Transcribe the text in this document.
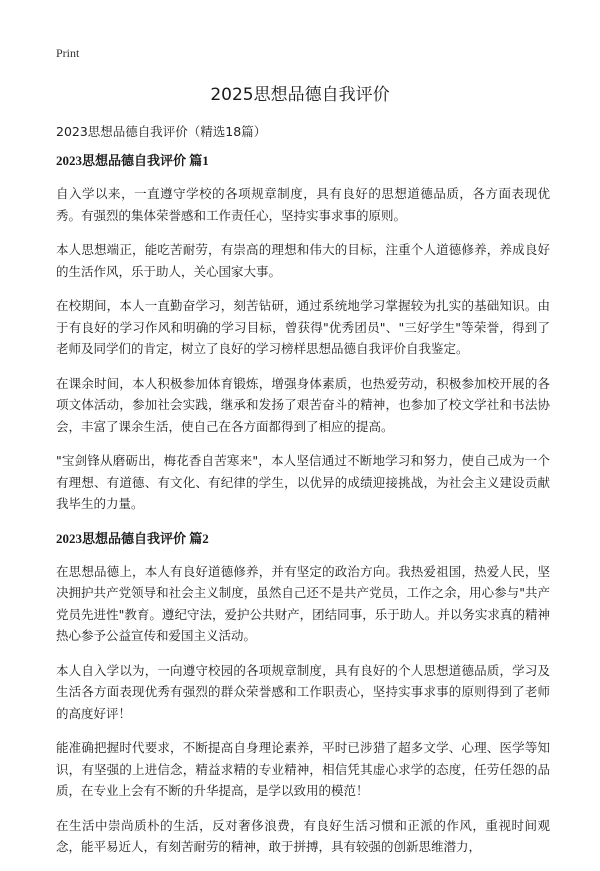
Print
2025思想品德自我评价
2023思想品德自我评价（精选18篇）
2023思想品德自我评价 篇1

自入学以来，一直遵守学校的各项规章制度，具有良好的思想道德品质，各方面表现优秀。有强烈的集体荣誉感和工作责任心，坚持实事求事的原则。

本人思想端正，能吃苦耐劳，有崇高的理想和伟大的目标，注重个人道德修养，养成良好的生活作风，乐于助人，关心国家大事。

在校期间，本人一直勤奋学习，刻苦钻研，通过系统地学习掌握较为扎实的基础知识。由于有良好的学习作风和明确的学习目标，曾获得"优秀团员"、"三好学生"等荣誉，得到了老师及同学们的肯定，树立了良好的学习榜样思想品德自我评价自我鉴定。

在课余时间，本人积极参加体育锻炼，增强身体素质，也热爱劳动，积极参加校开展的各项文体活动，参加社会实践，继承和发扬了艰苦奋斗的精神，也参加了校文学社和书法协会，丰富了课余生活，使自己在各方面都得到了相应的提高。

"宝剑锋从磨砺出，梅花香自苦寒来"，本人坚信通过不断地学习和努力，使自己成为一个有理想、有道德、有文化、有纪律的学生，以优异的成绩迎接挑战，为社会主义建设贡献我毕生的力量。

2023思想品德自我评价 篇2

在思想品德上，本人有良好道德修养，并有坚定的政治方向。我热爱祖国，热爱人民，坚决拥护共产党领导和社会主义制度，虽然自己还不是共产党员，工作之余，用心参与"共产党员先进性"教育。遵纪守法，爱护公共财产，团结同事，乐于助人。并以务实求真的精神热心参予公益宣传和爱国主义活动。

本人自入学以为，一向遵守校园的各项规章制度，具有良好的个人思想道德品质，学习及生活各方面表现优秀有强烈的群众荣誉感和工作职责心，坚持实事求事的原则得到了老师的高度好评！

能准确把握时代要求，不断提高自身理论素养，平时已涉猎了超多文学、心理、医学等知识，有坚强的上进信念，精益求精的专业精神，相信凭其虚心求学的态度，任劳任怨的品质，在专业上会有不断的升华提高，是学以致用的模范！

在生活中崇尚质朴的生活，反对奢侈浪费，有良好生活习惯和正派的作风，重视时间观念，能平易近人，有刻苦耐劳的精神，敢于拼搏，具有较强的创新思维潜力，
